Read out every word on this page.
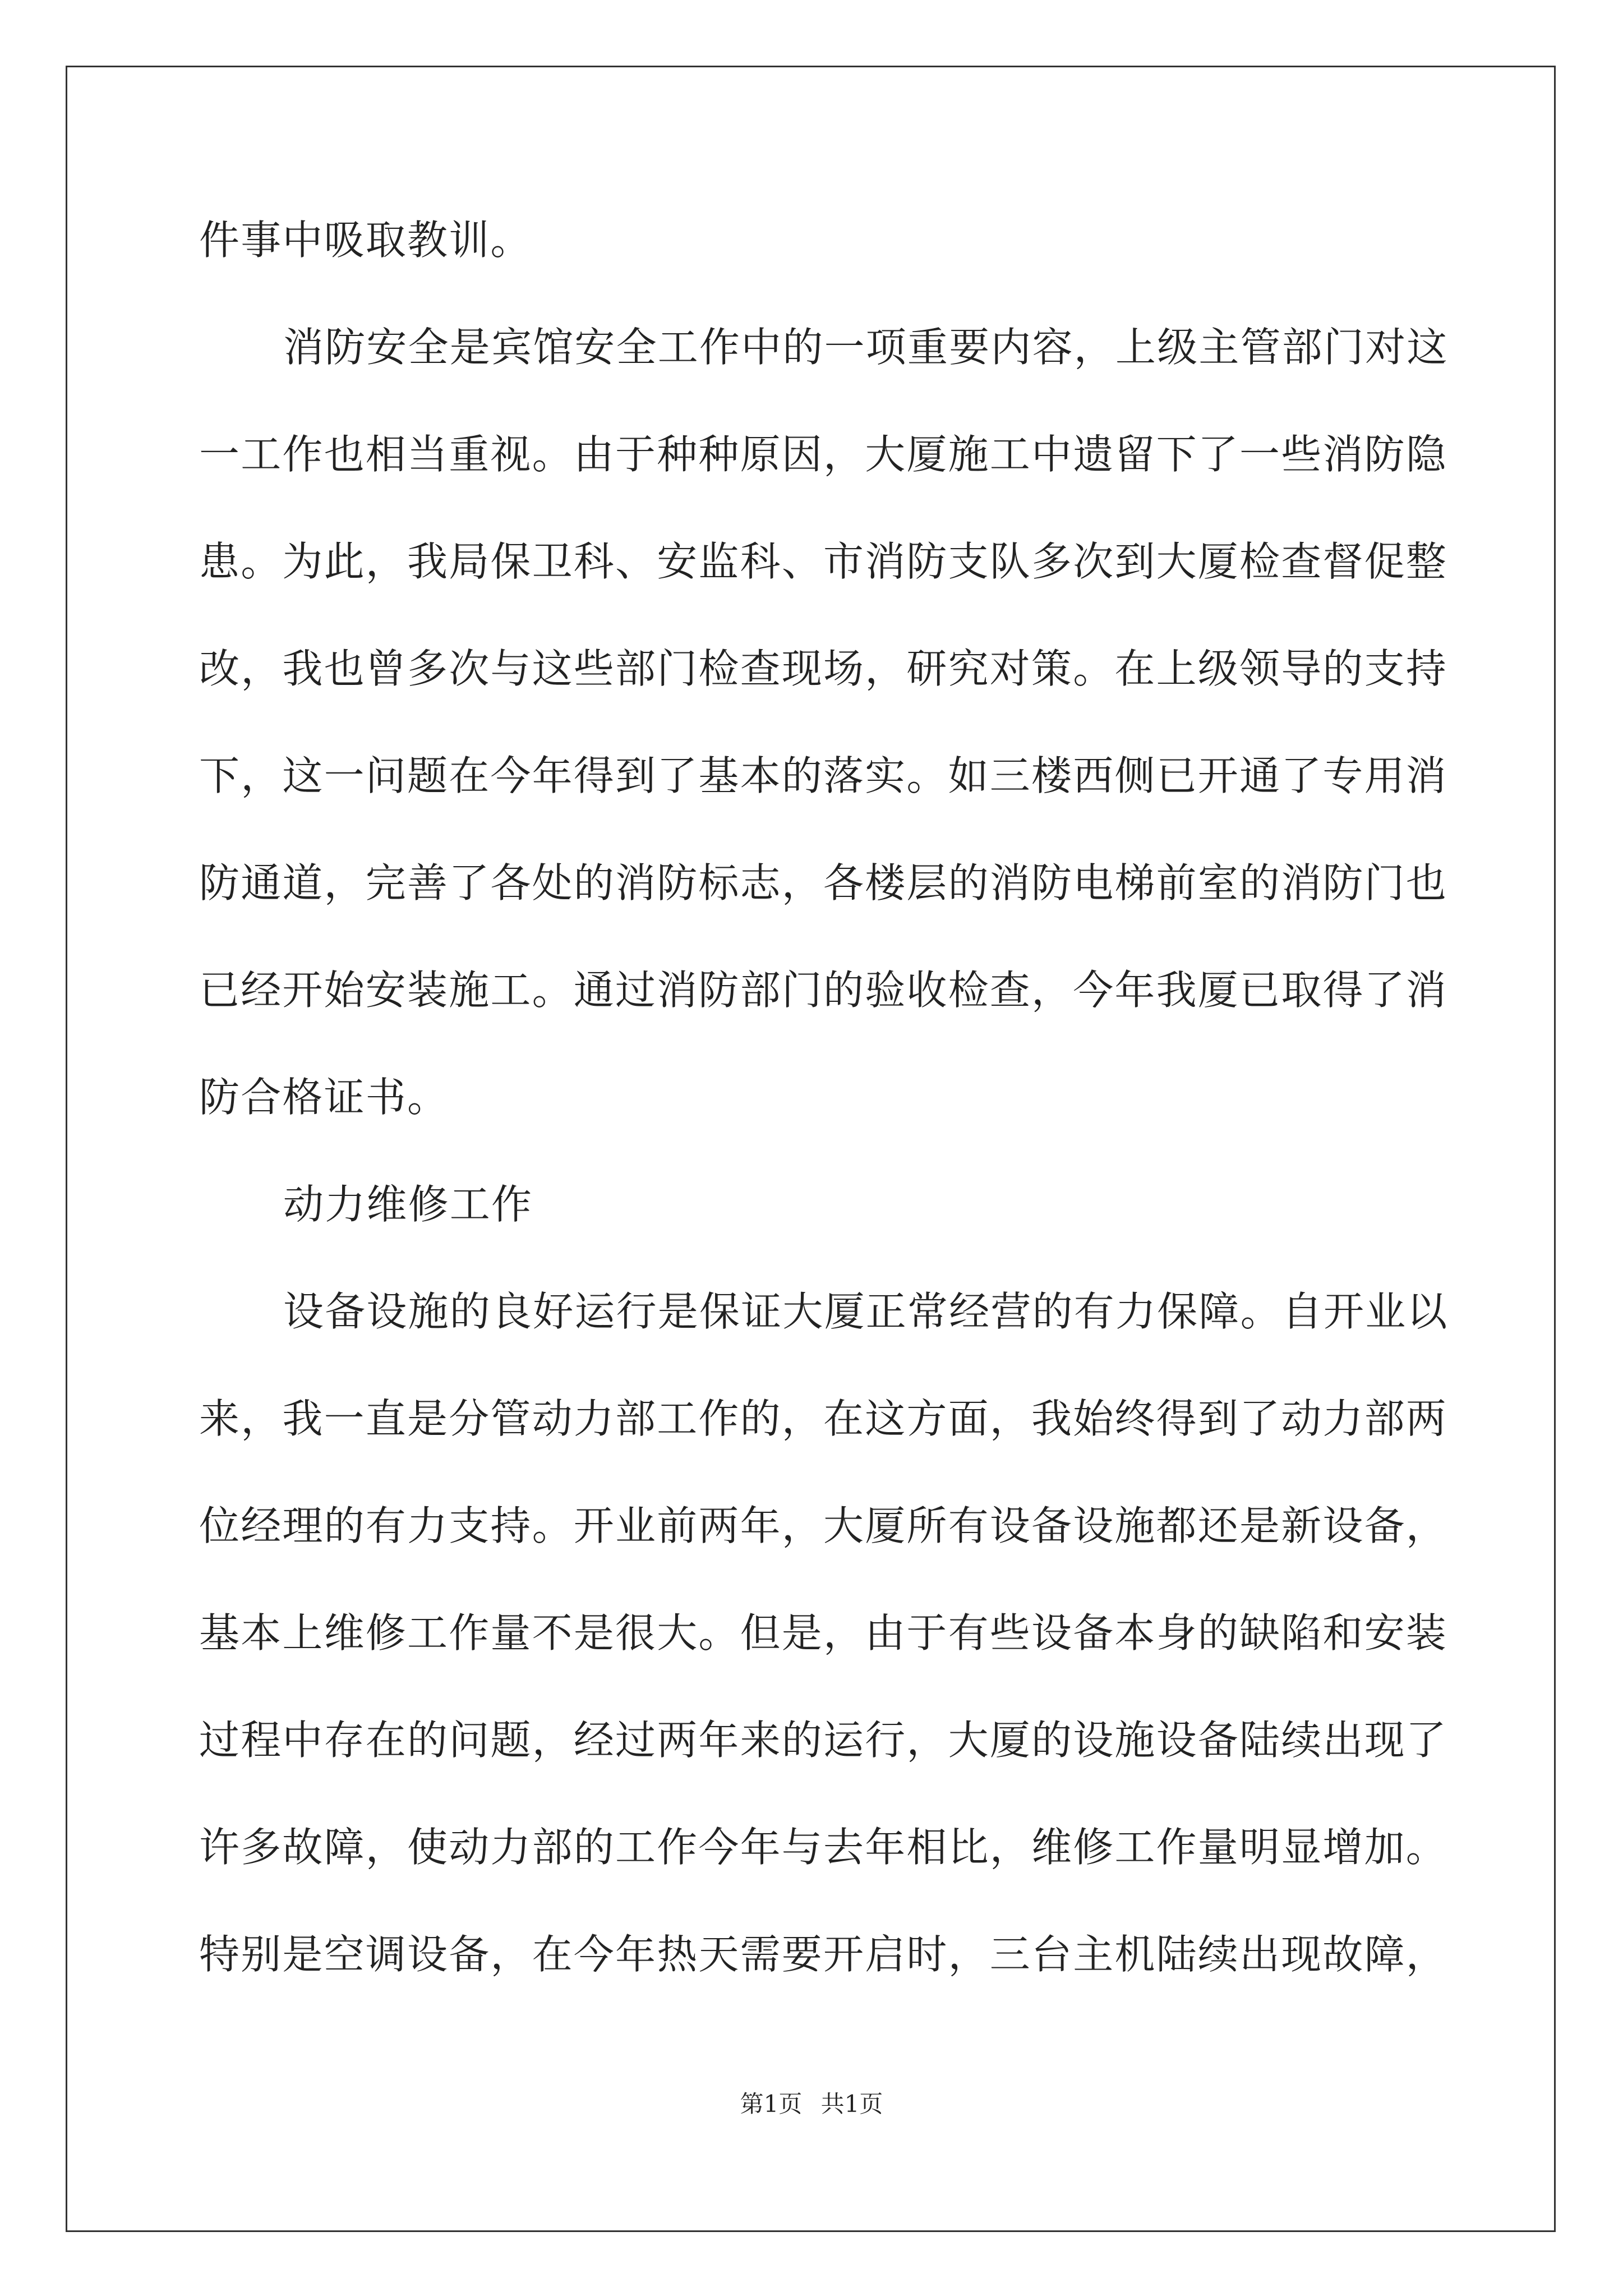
件事中吸取教训。
消防安全是宾馆安全工作中的一项重要内容，上级主管部门对这
一工作也相当重视。由于种种原因，大厦施工中遗留下了一些消防隐
患。为此，我局保卫科、安监科、市消防支队多次到大厦检查督促整
改，我也曾多次与这些部门检查现场，研究对策。在上级领导的支持
下，这一问题在今年得到了基本的落实。如三楼西侧已开通了专用消
防通道，完善了各处的消防标志，各楼层的消防电梯前室的消防门也
已经开始安装施工。通过消防部门的验收检查，今年我厦已取得了消
防合格证书。
动力维修工作
设备设施的良好运行是保证大厦正常经营的有力保障。自开业以
来，我一直是分管动力部工作的，在这方面，我始终得到了动力部两
位经理的有力支持。开业前两年，大厦所有设备设施都还是新设备，
基本上维修工作量不是很大。但是，由于有些设备本身的缺陷和安装
过程中存在的问题，经过两年来的运行，大厦的设施设备陆续出现了
许多故障，使动力部的工作今年与去年相比，维修工作量明显增加。
特别是空调设备，在今年热天需要开启时，三台主机陆续出现故障，
第1页 共1页
